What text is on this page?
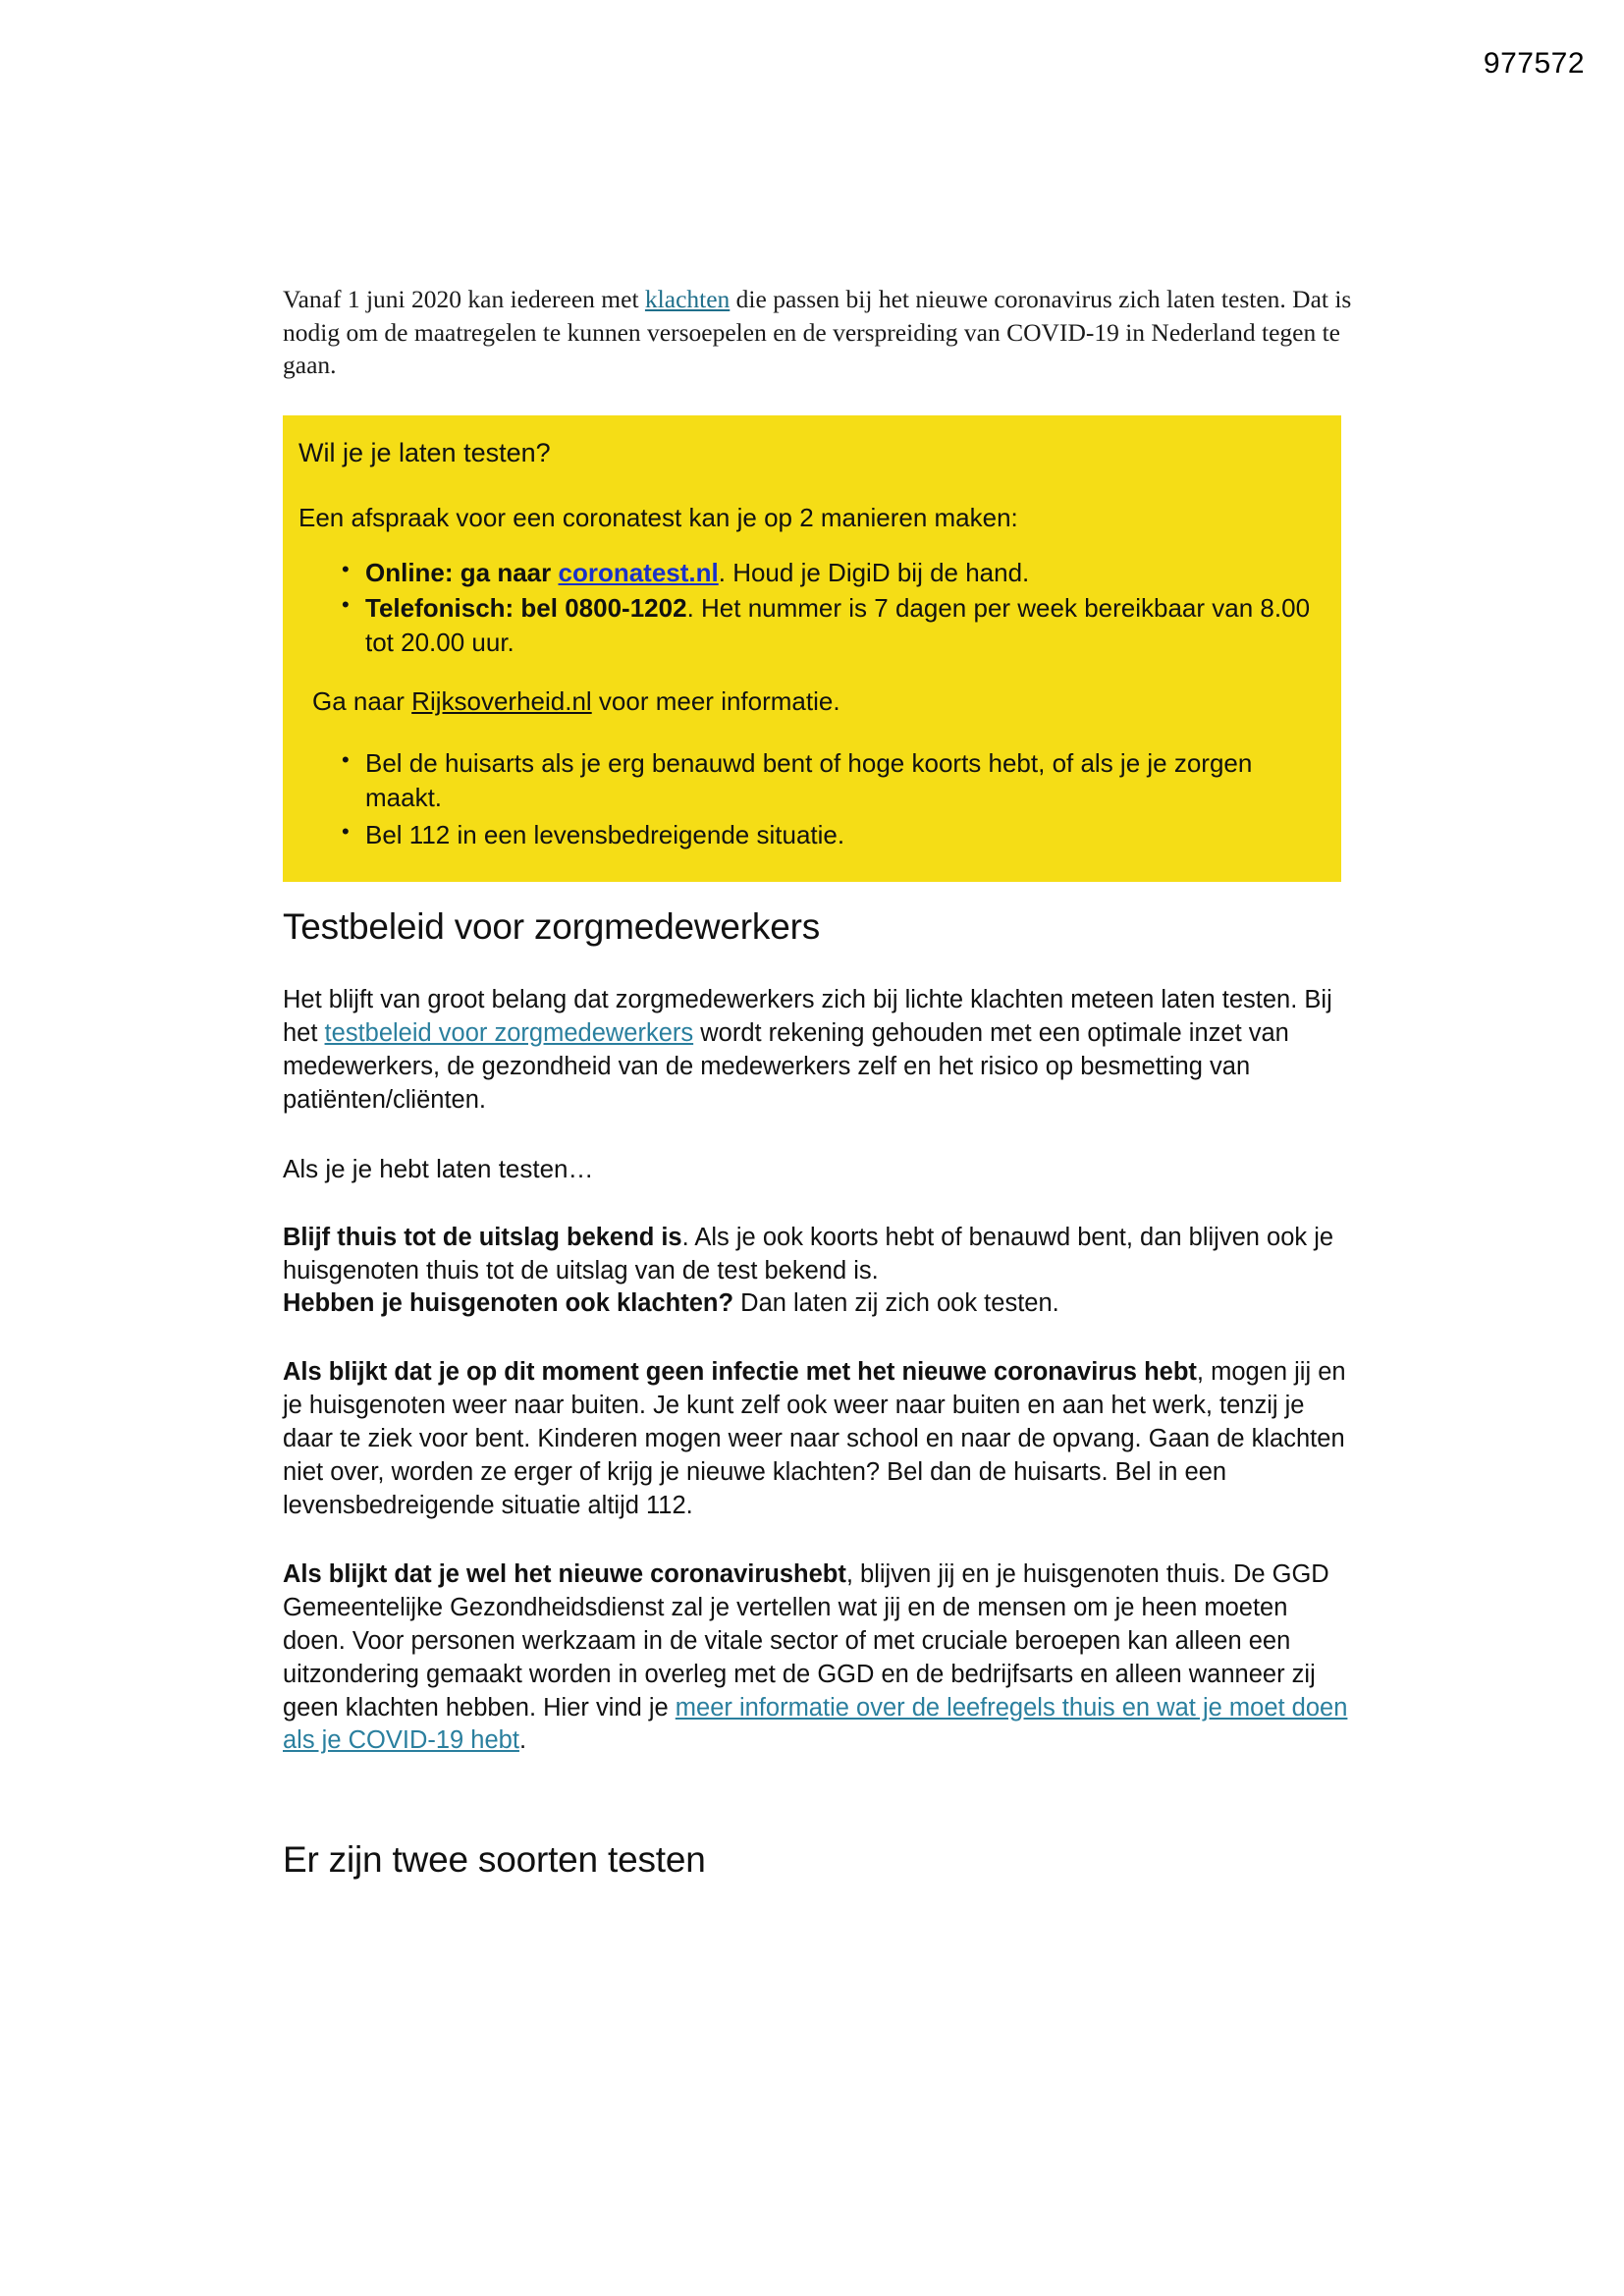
977572

Vanaf 1 juni 2020 kan iedereen met klachten die passen bij het nieuwe coronavirus zich laten testen. Dat is nodig om de maatregelen te kunnen versoepelen en de verspreiding van COVID-19 in Nederland tegen te gaan.

Wil je je laten testen?
Een afspraak voor een coronatest kan je op 2 manieren maken:
• Online: ga naar coronatest.nl. Houd je DigiD bij de hand.
• Telefonisch: bel 0800-1202. Het nummer is 7 dagen per week bereikbaar van 8.00 tot 20.00 uur.
Ga naar Rijksoverheid.nl voor meer informatie.
• Bel de huisarts als je erg benauwd bent of hoge koorts hebt, of als je je zorgen maakt.
• Bel 112 in een levensbedreigende situatie.
Testbeleid voor zorgmedewerkers

Het blijft van groot belang dat zorgmedewerkers zich bij lichte klachten meteen laten testen. Bij het testbeleid voor zorgmedewerkers wordt rekening gehouden met een optimale inzet van medewerkers, de gezondheid van de medewerkers zelf en het risico op besmetting van patiënten/cliënten.

Als je je hebt laten testen…

Blijf thuis tot de uitslag bekend is. Als je ook koorts hebt of benauwd bent, dan blijven ook je huisgenoten thuis tot de uitslag van de test bekend is.
Hebben je huisgenoten ook klachten? Dan laten zij zich ook testen.

Als blijkt dat je op dit moment geen infectie met het nieuwe coronavirus hebt, mogen jij en je huisgenoten weer naar buiten. Je kunt zelf ook weer naar buiten en aan het werk, tenzij je daar te ziek voor bent. Kinderen mogen weer naar school en naar de opvang. Gaan de klachten niet over, worden ze erger of krijg je nieuwe klachten? Bel dan de huisarts. Bel in een levensbedreigende situatie altijd 112.

Als blijkt dat je wel het nieuwe coronavirushebt, blijven jij en je huisgenoten thuis. De GGD Gemeentelijke Gezondheidsdienst zal je vertellen wat jij en de mensen om je heen moeten doen. Voor personen werkzaam in de vitale sector of met cruciale beroepen kan alleen een uitzondering gemaakt worden in overleg met de GGD en de bedrijfsarts en alleen wanneer zij geen klachten hebben. Hier vind je meer informatie over de leefregels thuis en wat je moet doen als je COVID-19 hebt.

Er zijn twee soorten testen
